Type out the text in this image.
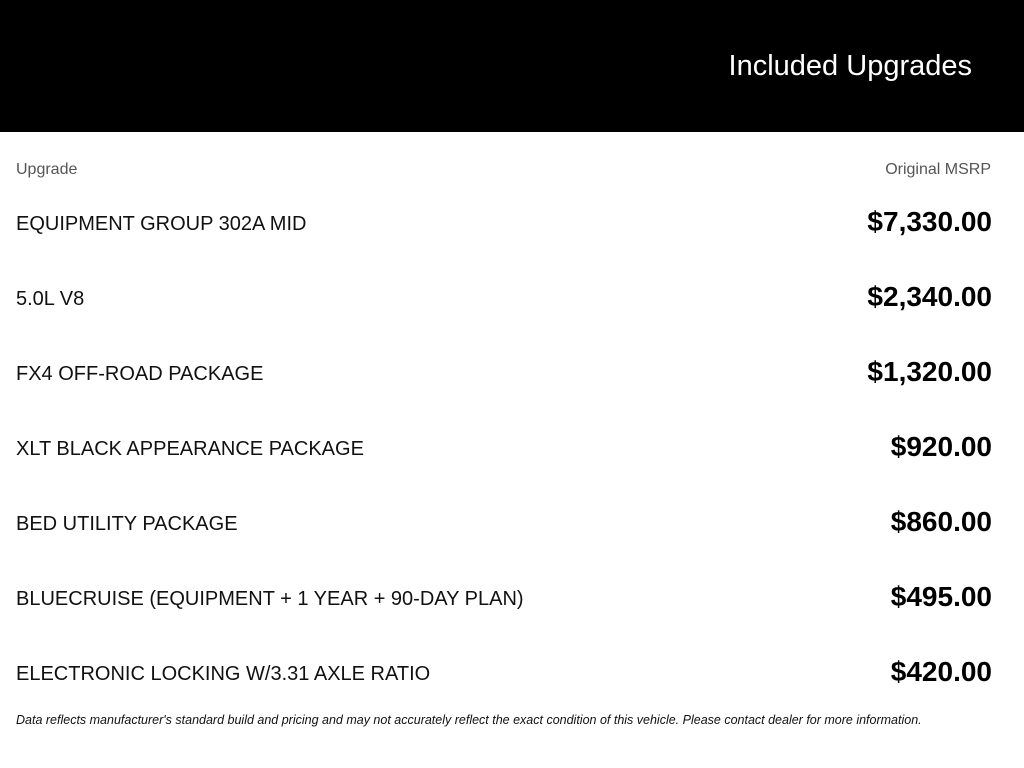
Included Upgrades
Upgrade	Original MSRP
EQUIPMENT GROUP 302A MID	$7,330.00
5.0L V8	$2,340.00
FX4 OFF-ROAD PACKAGE	$1,320.00
XLT BLACK APPEARANCE PACKAGE	$920.00
BED UTILITY PACKAGE	$860.00
BLUECRUISE (EQUIPMENT + 1 YEAR + 90-DAY PLAN)	$495.00
ELECTRONIC LOCKING W/3.31 AXLE RATIO	$420.00
Data reflects manufacturer's standard build and pricing and may not accurately reflect the exact condition of this vehicle. Please contact dealer for more information.
